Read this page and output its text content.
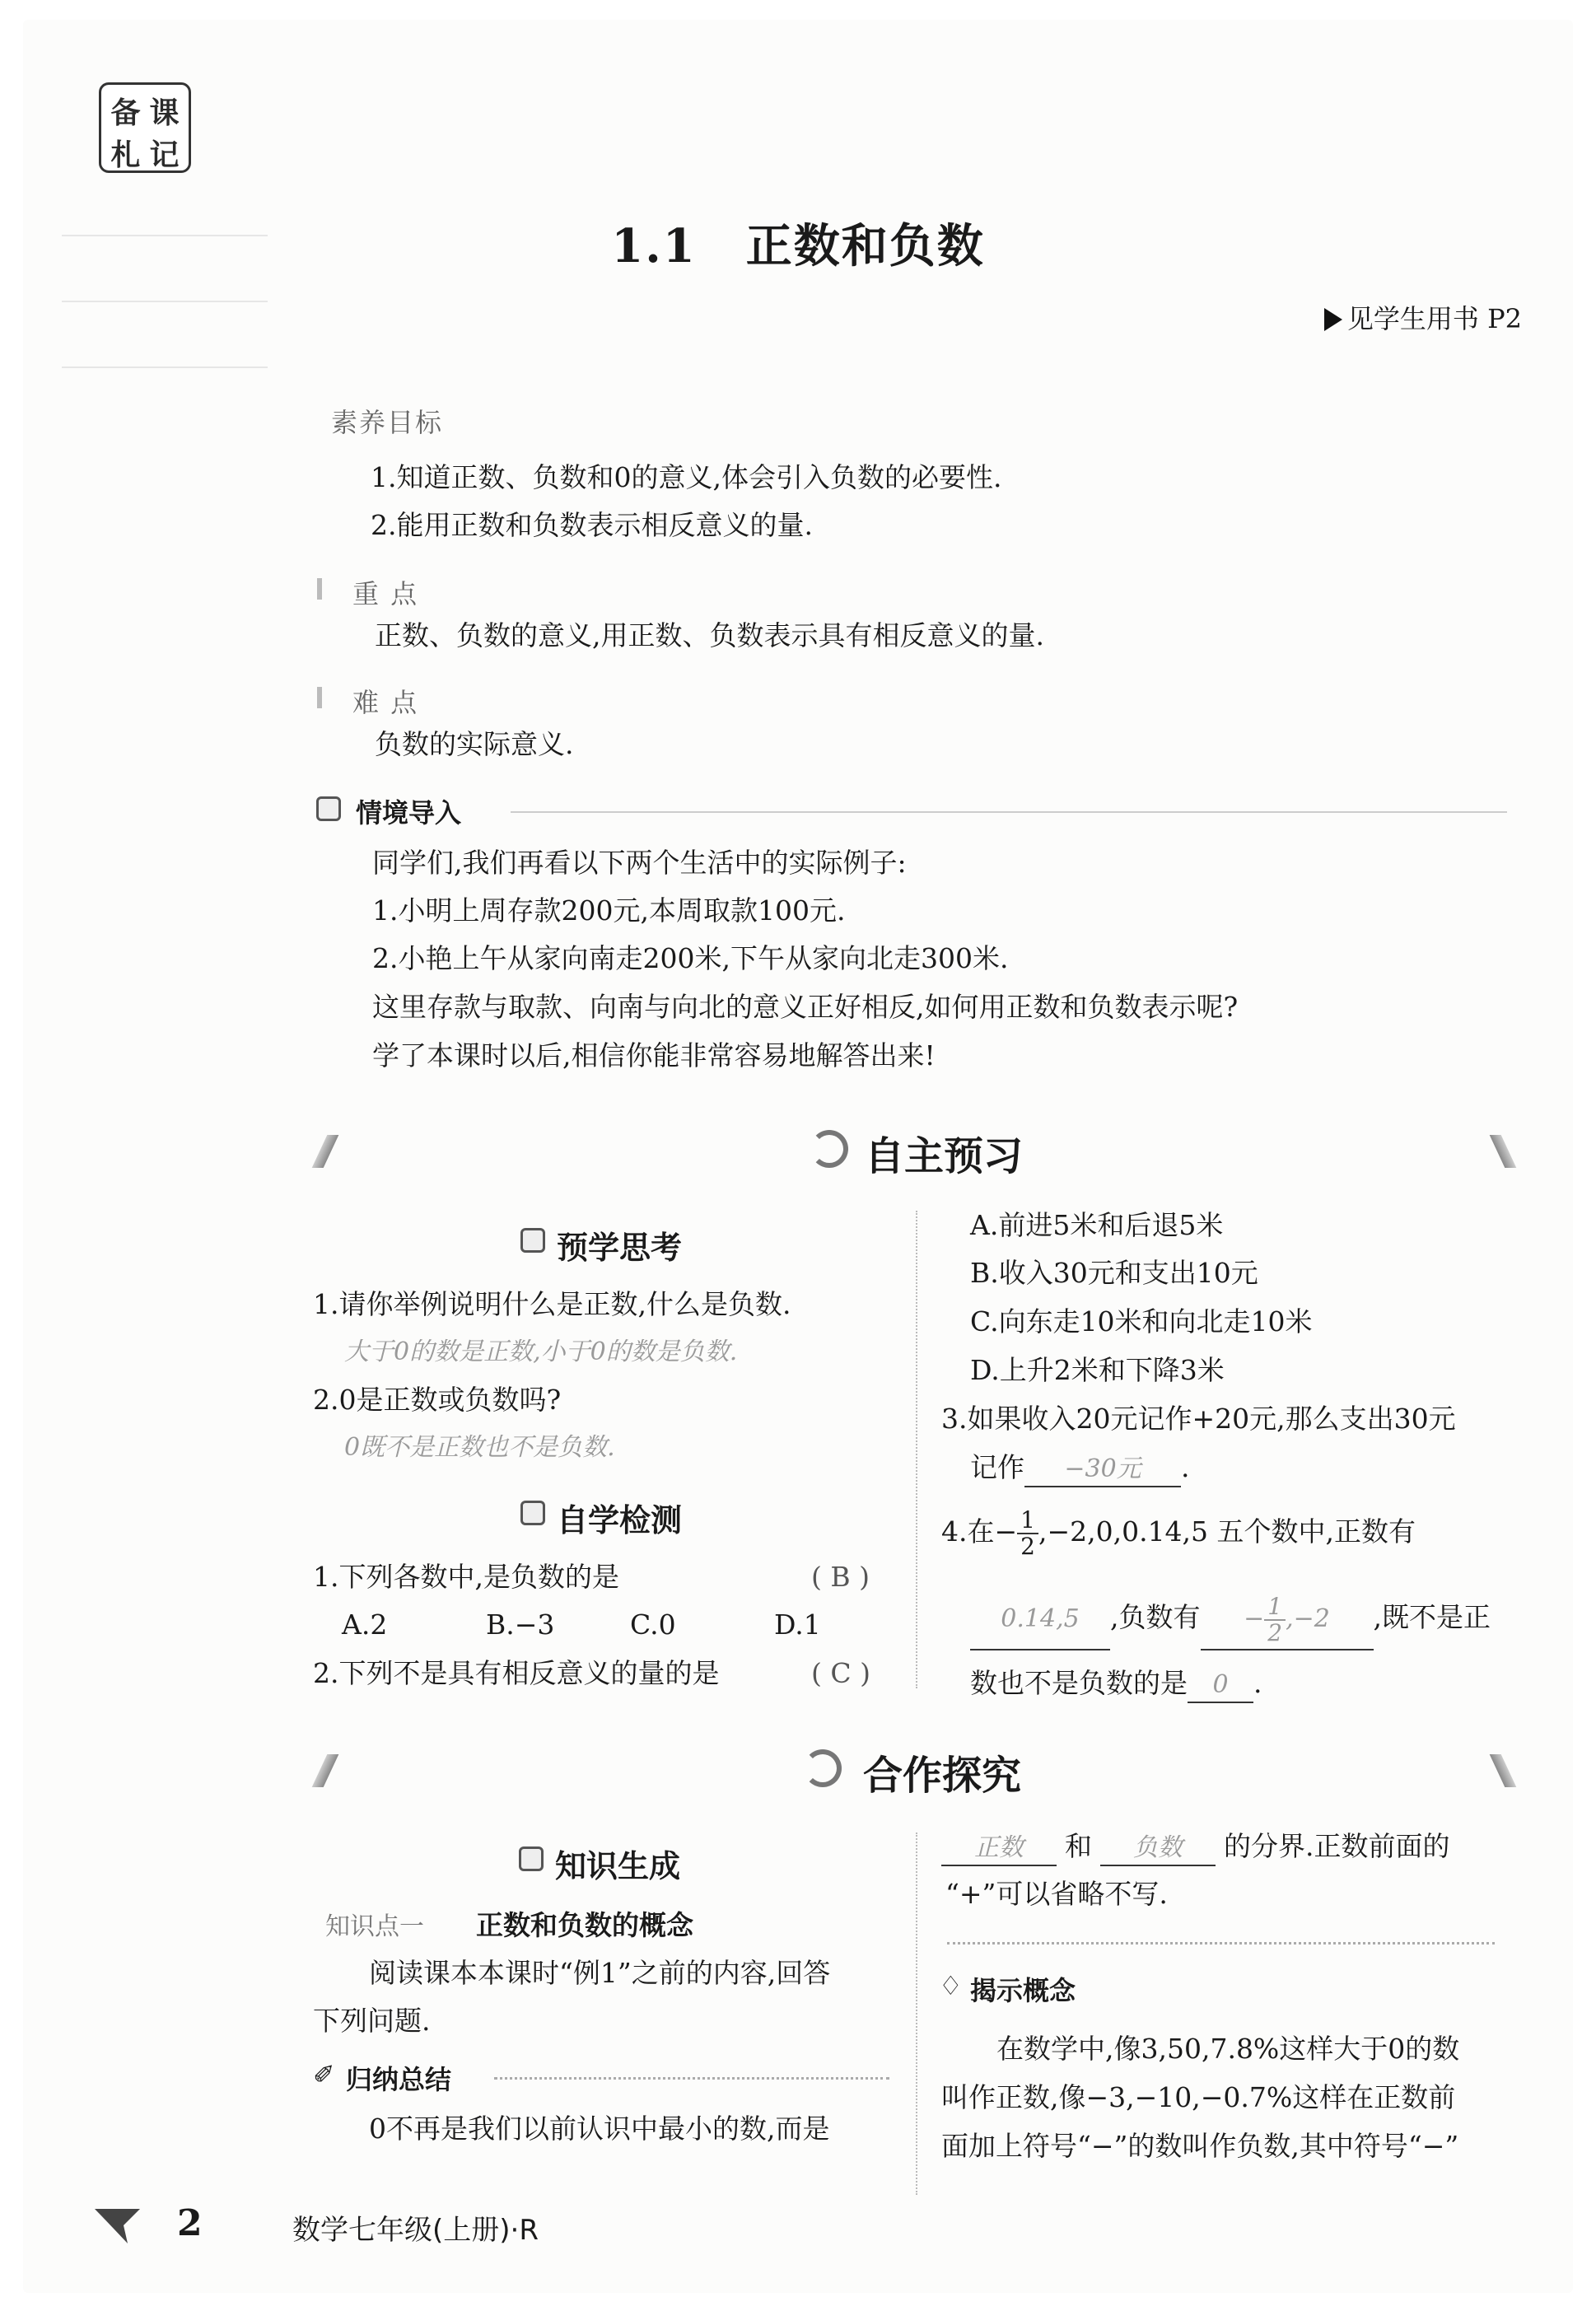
备 课
札 记
1.1 正数和负数
见学生用书 P2
素养目标
1.知道正数、负数和0的意义,体会引入负数的必要性.
2.能用正数和负数表示相反意义的量.
重 点
正数、负数的意义,用正数、负数表示具有相反意义的量.
难 点
负数的实际意义.
情境导入
同学们,我们再看以下两个生活中的实际例子:
1.小明上周存款200元,本周取款100元.
2.小艳上午从家向南走200米,下午从家向北走300米.
这里存款与取款、向南与向北的意义正好相反,如何用正数和负数表示呢?
学了本课时以后,相信你能非常容易地解答出来!
自主预习
预学思考
1.请你举例说明什么是正数,什么是负数.
大于0的数是正数,小于0的数是负数.
2.0是正数或负数吗?
0既不是正数也不是负数.
自学检测
1.下列各数中,是负数的是	( B )
A.2	B.−3	C.0	D.1
2.下列不是具有相反意义的量的是	( C )
A.前进5米和后退5米
B.收入30元和支出10元
C.向东走10米和向北走10米
D.上升2米和下降3米
3.如果收入20元记作+20元,那么支出30元
记作 −30元 .
4.在− $\frac{1}{2} ,-2,0,0.14,5$ 五个数中,正数有
0.14,5 ,负数有 − $\frac{1}{2} ,-2$ ,既不是正
数也不是负数的是 0 .
合作探究
知识生成
知识点一 正数和负数的概念
阅读课本本课时“例1”之前的内容,回答
下列问题.
✐ 归纳总结
0不再是我们以前认识中最小的数,而是
正数 和 负数 的分界.正数前面的
“+”可以省略不写.
♢ 揭示概念
在数学中,像3,50,7.8%这样大于0的数
叫作正数,像−3,−10,−0.7%这样在正数前
面加上符号“−”的数叫作负数,其中符号“−”
2	数学七年级(上册)·R
